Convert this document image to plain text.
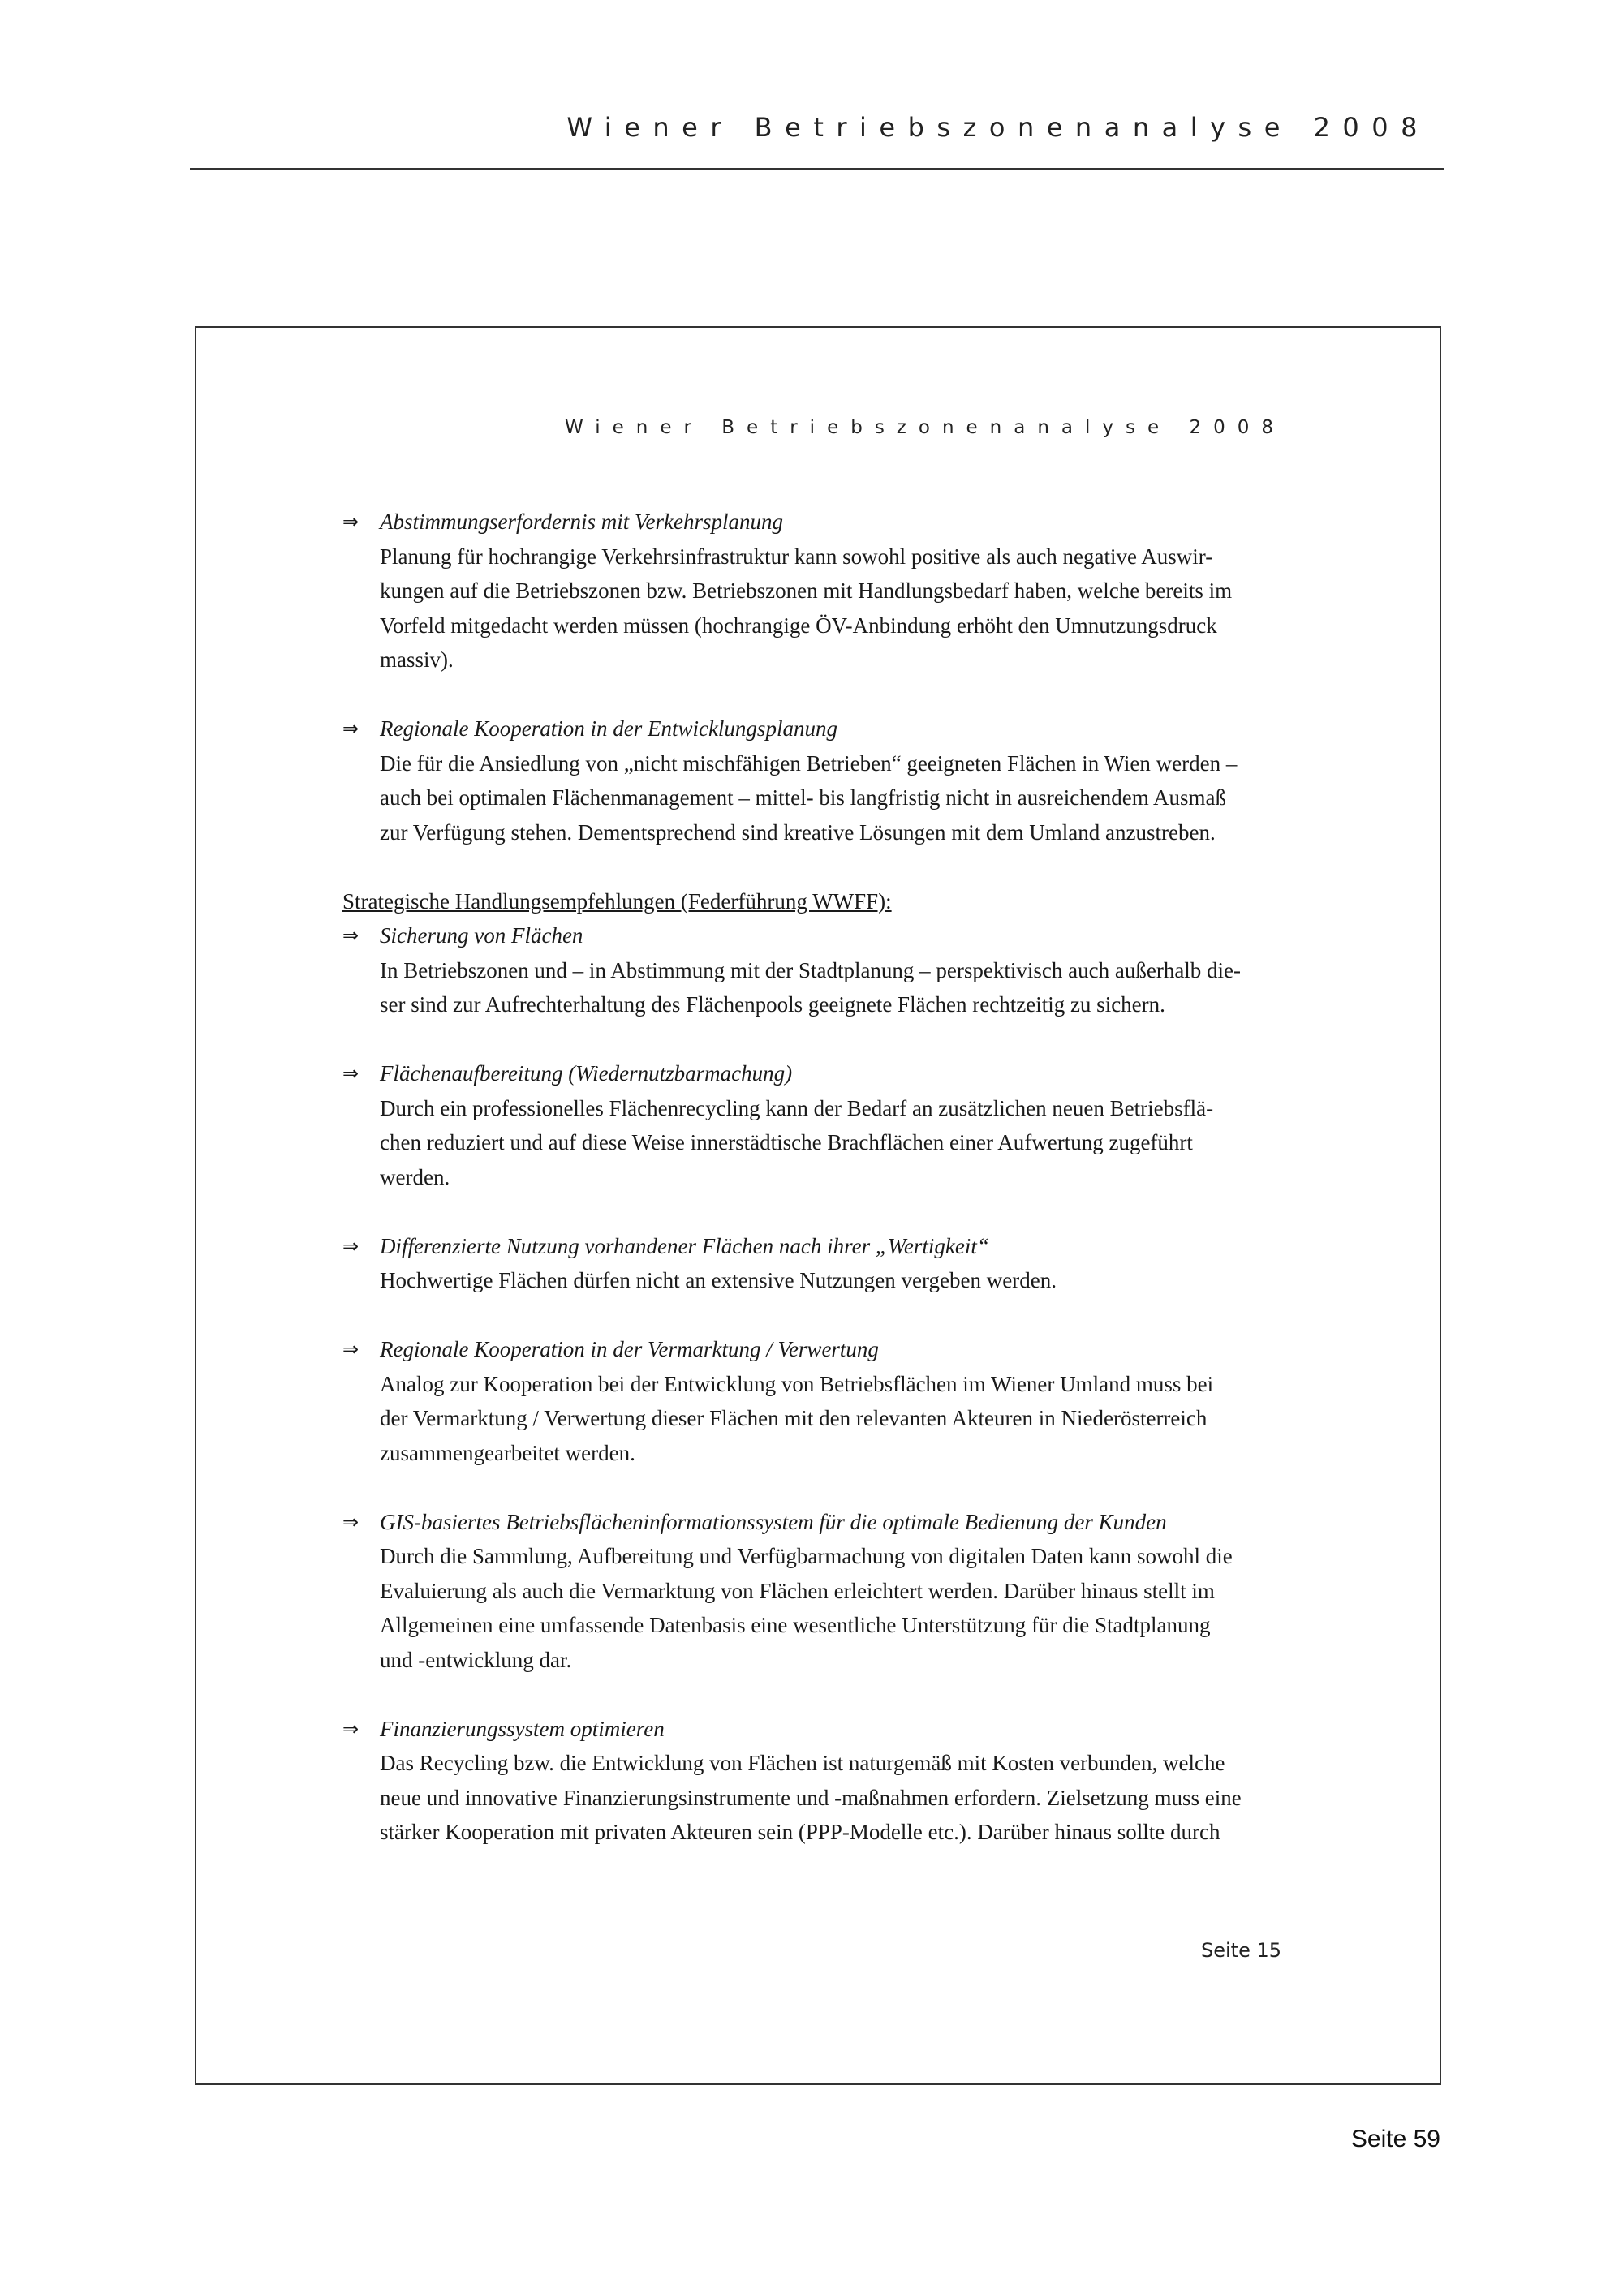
Wiener Betriebszonenanalyse 2008
Wiener Betriebszonenanalyse 2008
⇒ Abstimmungserfordernis mit Verkehrsplanung
Planung für hochrangige Verkehrsinfrastruktur kann sowohl positive als auch negative Auswir-
kungen auf die Betriebszonen bzw. Betriebszonen mit Handlungsbedarf haben, welche bereits im
Vorfeld mitgedacht werden müssen (hochrangige ÖV-Anbindung erhöht den Umnutzungsdruck
massiv).
⇒ Regionale Kooperation in der Entwicklungsplanung
Die für die Ansiedlung von „nicht mischfähigen Betrieben“ geeigneten Flächen in Wien werden –
auch bei optimalen Flächenmanagement – mittel- bis langfristig nicht in ausreichendem Ausmaß
zur Verfügung stehen. Dementsprechend sind kreative Lösungen mit dem Umland anzustreben.
Strategische Handlungsempfehlungen (Federführung WWFF):
⇒ Sicherung von Flächen
In Betriebszonen und – in Abstimmung mit der Stadtplanung – perspektivisch auch außerhalb die-
ser sind zur Aufrechterhaltung des Flächenpools geeignete Flächen rechtzeitig zu sichern.
⇒ Flächenaufbereitung (Wiedernutzbarmachung)
Durch ein professionelles Flächenrecycling kann der Bedarf an zusätzlichen neuen Betriebsflä-
chen reduziert und auf diese Weise innerstädtische Brachflächen einer Aufwertung zugeführt
werden.
⇒ Differenzierte Nutzung vorhandener Flächen nach ihrer „Wertigkeit“
Hochwertige Flächen dürfen nicht an extensive Nutzungen vergeben werden.
⇒ Regionale Kooperation in der Vermarktung / Verwertung
Analog zur Kooperation bei der Entwicklung von Betriebsflächen im Wiener Umland muss bei
der Vermarktung / Verwertung dieser Flächen mit den relevanten Akteuren in Niederösterreich
zusammengearbeitet werden.
⇒ GIS-basiertes Betriebsflächeninformationssystem für die optimale Bedienung der Kunden
Durch die Sammlung, Aufbereitung und Verfügbarmachung von digitalen Daten kann sowohl die
Evaluierung als auch die Vermarktung von Flächen erleichtert werden. Darüber hinaus stellt im
Allgemeinen eine umfassende Datenbasis eine wesentliche Unterstützung für die Stadtplanung
und -entwicklung dar.
⇒ Finanzierungssystem optimieren
Das Recycling bzw. die Entwicklung von Flächen ist naturgemäß mit Kosten verbunden, welche
neue und innovative Finanzierungsinstrumente und -maßnahmen erfordern. Zielsetzung muss eine
stärker Kooperation mit privaten Akteuren sein (PPP-Modelle etc.). Darüber hinaus sollte durch
Seite 15
Seite 59
